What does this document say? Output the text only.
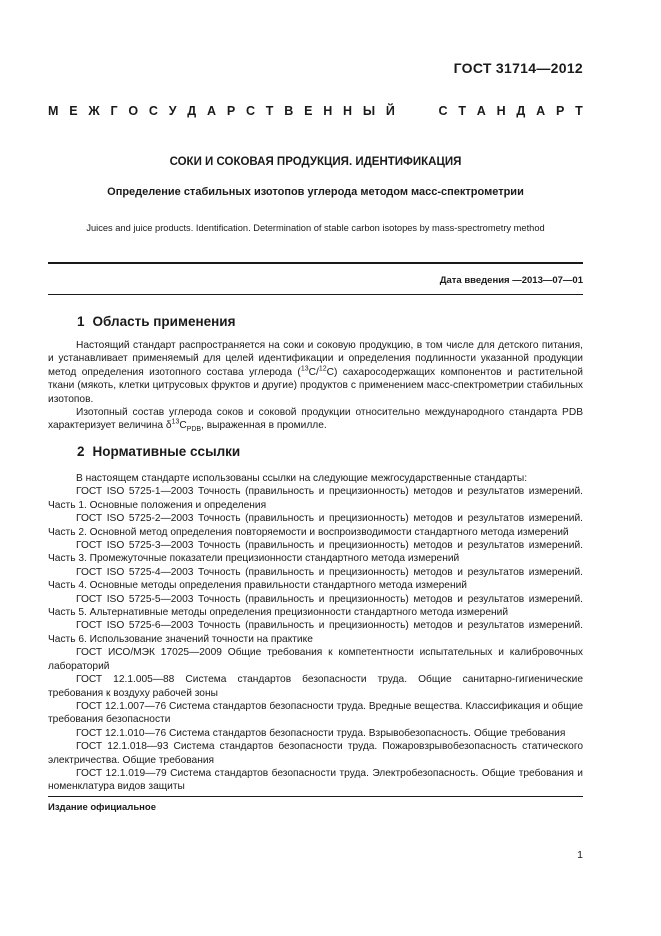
ГОСТ 31714—2012
М Е Ж Г О С У Д А Р С Т В Е Н Н Ы Й	С Т А Н Д А Р Т
СОКИ И СОКОВАЯ ПРОДУКЦИЯ. ИДЕНТИФИКАЦИЯ
Определение стабильных изотопов углерода методом масс-спектрометрии
Juices and juice products. Identification. Determination of stable carbon isotopes by mass-spectrometry method
Дата введения —2013—07—01
1 Область применения

Настоящий стандарт распространяется на соки и соковую продукцию, в том числе для детского питания, и устанавливает применяемый для целей идентификации и определения подлинности указанной продукции метод определения изотопного состава углерода ($^{13}$C/$^{12}$C) сахаросодержащих компонентов и растительной ткани (мякоть, клетки цитрусовых фруктов и другие) продуктов с применением масс-спектрометрии стабильных изотопов.

Изотопный состав углерода соков и соковой продукции относительно международного стандарта PDB характеризует величина $\delta^{13}C_{PDB}$, выраженная в промилле.

2 Нормативные ссылки

В настоящем стандарте использованы ссылки на следующие межгосударственные стандарты:

ГОСТ ISO 5725-1—2003 Точность (правильность и прецизионность) методов и результатов измерений. Часть 1. Основные положения и определения

ГОСТ ISO 5725-2—2003 Точность (правильность и прецизионность) методов и результатов измерений. Часть 2. Основной метод определения повторяемости и воспроизводимости стандартного метода измерений

ГОСТ ISO 5725-3—2003 Точность (правильность и прецизионность) методов и результатов измерений. Часть 3. Промежуточные показатели прецизионности стандартного метода измерений

ГОСТ ISO 5725-4—2003 Точность (правильность и прецизионность) методов и результатов измерений. Часть 4. Основные методы определения правильности стандартного метода измерений

ГОСТ ISO 5725-5—2003 Точность (правильность и прецизионность) методов и результатов измерений. Часть 5. Альтернативные методы определения прецизионности стандартного метода измерений

ГОСТ ISO 5725-6—2003 Точность (правильность и прецизионность) методов и результатов измерений. Часть 6. Использование значений точности на практике

ГОСТ ИСО/МЭК 17025—2009 Общие требования к компетентности испытательных и калибровочных лабораторий

ГОСТ 12.1.005—88 Система стандартов безопасности труда. Общие санитарно-гигиенические требования к воздуху рабочей зоны

ГОСТ 12.1.007—76 Система стандартов безопасности труда. Вредные вещества. Классификация и общие требования безопасности

ГОСТ 12.1.010—76 Система стандартов безопасности труда. Взрывобезопасность. Общие требования

ГОСТ 12.1.018—93 Система стандартов безопасности труда. Пожаровзрывобезопасность статического электричества. Общие требования

ГОСТ 12.1.019—79 Система стандартов безопасности труда. Электробезопасность. Общие требования и номенклатура видов защиты

Издание официальное
1
